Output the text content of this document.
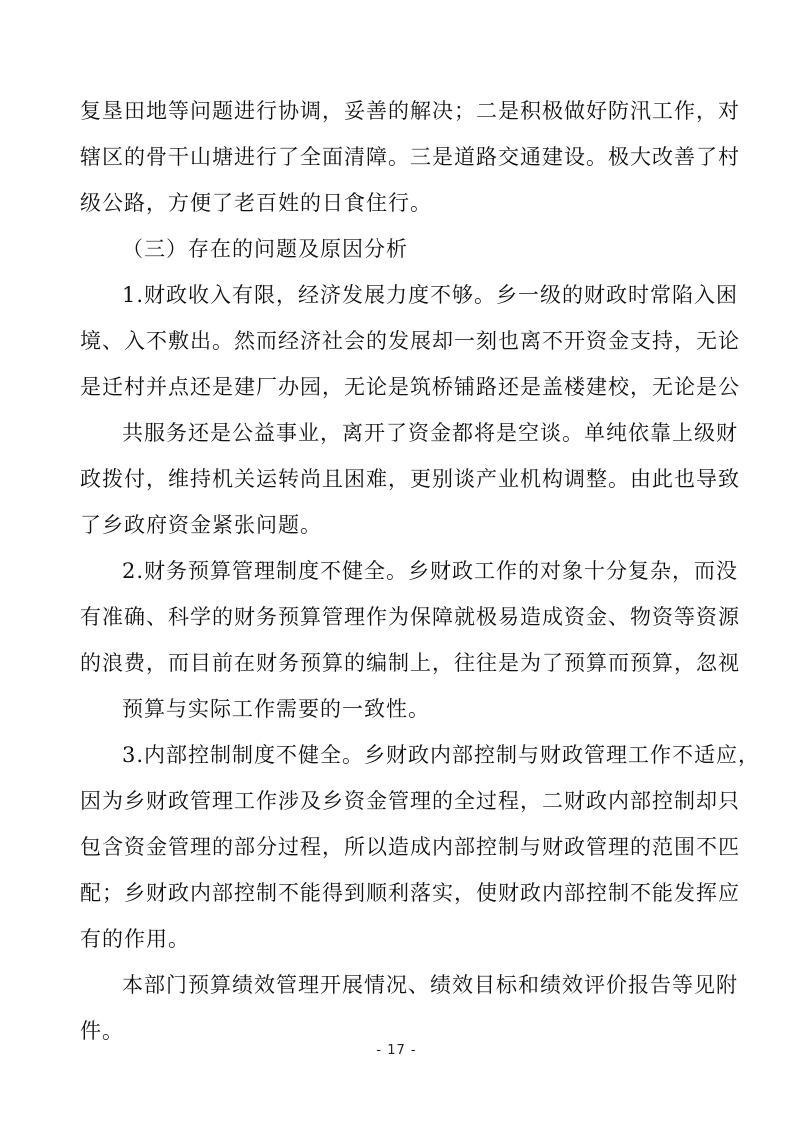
复垦田地等问题进行协调，妥善的解决；二是积极做好防汛工作，对
辖区的骨干山塘进行了全面清障。三是道路交通建设。极大改善了村
级公路，方便了老百姓的日食住行。
（三）存在的问题及原因分析
1.财政收入有限，经济发展力度不够。乡一级的财政时常陷入困
境、入不敷出。然而经济社会的发展却一刻也离不开资金支持，无论
是迁村并点还是建厂办园，无论是筑桥铺路还是盖楼建校，无论是公
共服务还是公益事业，离开了资金都将是空谈。单纯依靠上级财
政拨付，维持机关运转尚且困难，更别谈产业机构调整。由此也导致
了乡政府资金紧张问题。
2.财务预算管理制度不健全。乡财政工作的对象十分复杂，而没
有准确、科学的财务预算管理作为保障就极易造成资金、物资等资源
的浪费，而目前在财务预算的编制上，往往是为了预算而预算，忽视
预算与实际工作需要的一致性。
3.内部控制制度不健全。乡财政内部控制与财政管理工作不适应，
因为乡财政管理工作涉及乡资金管理的全过程，二财政内部控制却只
包含资金管理的部分过程，所以造成内部控制与财政管理的范围不匹
配；乡财政内部控制不能得到顺利落实，使财政内部控制不能发挥应
有的作用。
本部门预算绩效管理开展情况、绩效目标和绩效评价报告等见附
件。
- 17 -
